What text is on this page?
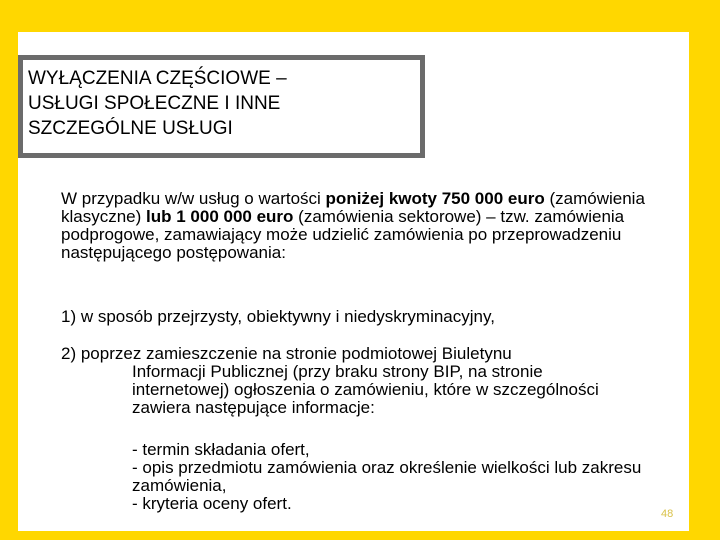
WYŁĄCZENIA CZĘŚCIOWE –
USŁUGI SPOŁECZNE I INNE
SZCZEGÓLNE USŁUGI

W przypadku w/w usług o wartości poniżej kwoty 750 000 euro (zamówienia klasyczne) lub 1 000 000 euro (zamówienia sektorowe) – tzw. zamówienia podprogowe, zamawiający może udzielić zamówienia po przeprowadzeniu następującego postępowania:

1) w sposób przejrzysty, obiektywny i niedyskryminacyjny,

2) poprzez zamieszczenie na stronie podmiotowej Biuletynu

Informacji Publicznej (przy braku strony BIP, na stronie internetowej) ogłoszenia o zamówieniu, które w szczególności zawiera następujące informacje:

- termin składania ofert,
- opis przedmiotu zamówienia oraz określenie wielkości lub zakresu zamówienia,
- kryteria oceny ofert.
48
